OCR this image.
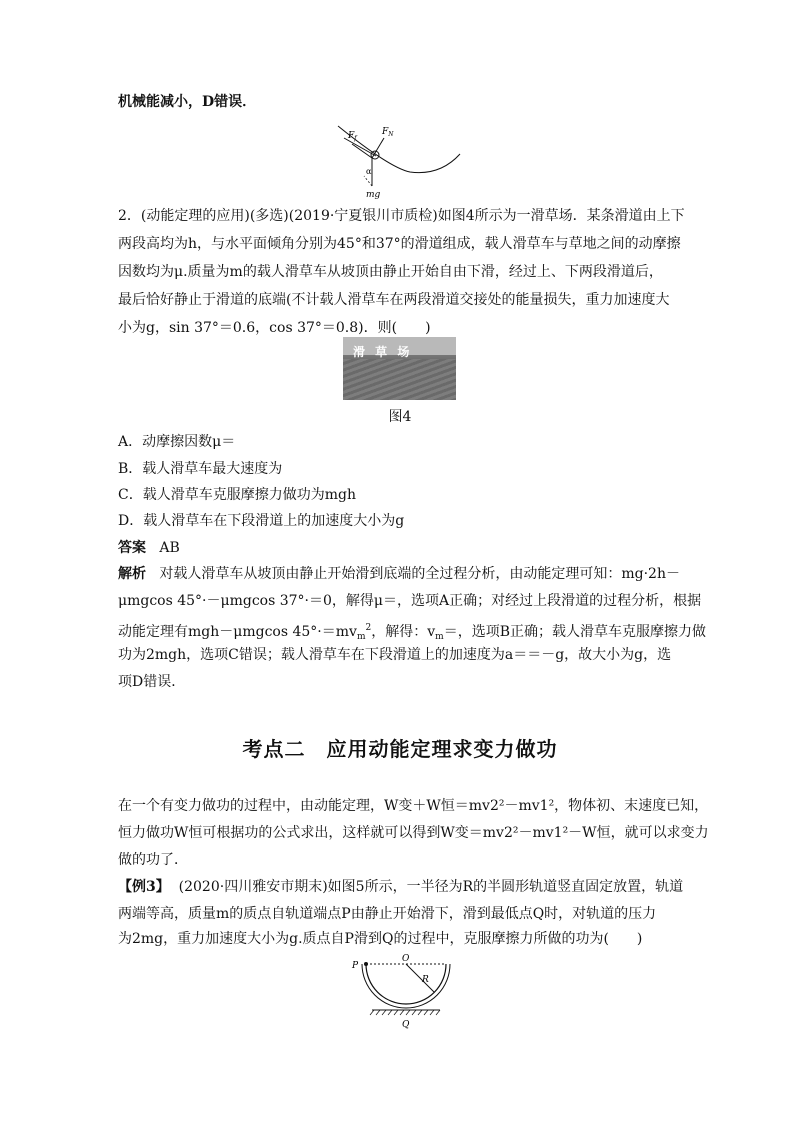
机械能减小，D错误．
$F_f$
$F_N$
α
mg
2．(动能定理的应用)(多选)(2019·宁夏银川市质检)如图4所示为一滑草场．某条滑道由上下
两段高均为h，与水平面倾角分别为45°和37°的滑道组成，载人滑草车与草地之间的动摩擦
因数均为μ.质量为m的载人滑草车从坡顶由静止开始自由下滑，经过上、下两段滑道后，
最后恰好静止于滑道的底端(不计载人滑草车在两段滑道交接处的能量损失，重力加速度大
小为g，sin 37°＝0.6，cos 37°＝0.8)．则(　　)
滑 草 场
图4
A．动摩擦因数μ＝
B．载人滑草车最大速度为
C．载人滑草车克服摩擦力做功为mgh
D．载人滑草车在下段滑道上的加速度大小为g
答案 AB
解析 对载人滑草车从坡顶由静止开始滑到底端的全过程分析，由动能定理可知：mg·2h－
μmgcos 45°·－μmgcos 37°·＝0，解得μ＝，选项A正确；对经过上段滑道的过程分析，根据
动能定理有mgh－μmgcos $45^\circ\cdot=mv_m^2$，解得：$v_m=$，选项B正确；载人滑草车克服摩擦力做
功为2mgh，选项C错误；载人滑草车在下段滑道上的加速度为a＝＝－g，故大小为g，选
项D错误．
考点二　应用动能定理求变力做功
在一个有变力做功的过程中，由动能定理，W变＋W恒＝mv2²－mv1²，物体初、末速度已知，
恒力做功W恒可根据功的公式求出，这样就可以得到W变＝mv2²－mv1²－W恒，就可以求变力
做的功了．
【例3】 (2020·四川雅安市期末)如图5所示，一半径为R的半圆形轨道竖直固定放置，轨道
两端等高，质量m的质点自轨道端点P由静止开始滑下，滑到最低点Q时，对轨道的压力
为2mg，重力加速度大小为g.质点自P滑到Q的过程中，克服摩擦力所做的功为(　　)
P
O
R
Q
